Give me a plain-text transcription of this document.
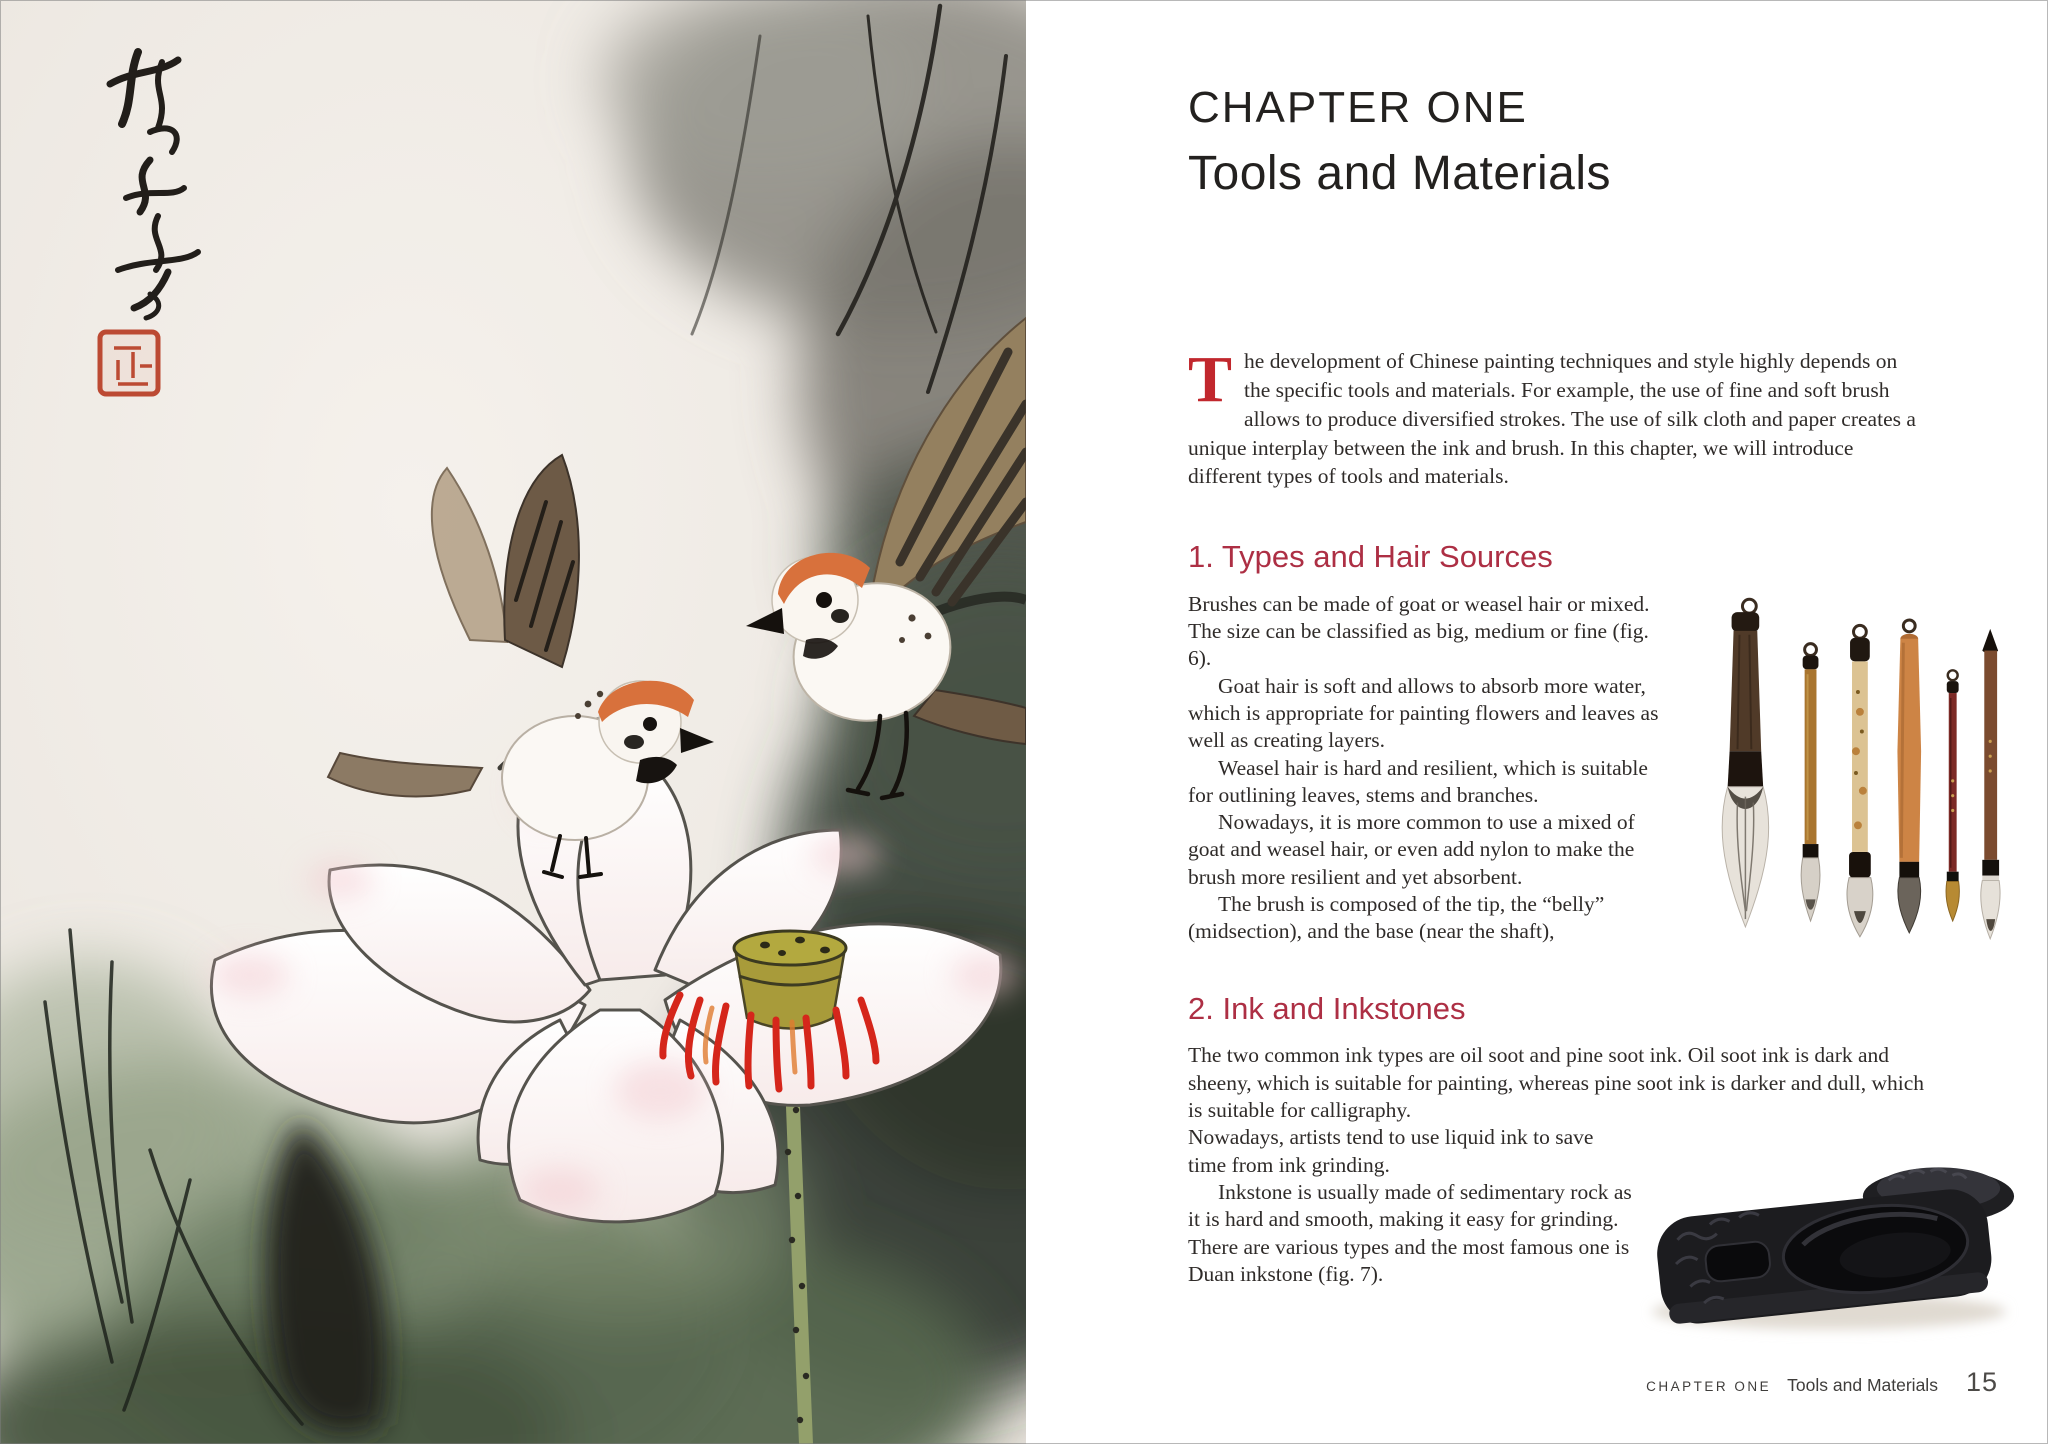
CHAPTER ONE
Tools and Materials

The development of Chinese painting techniques and style highly depends on the specific tools and materials. For example, the use of fine and soft brush allows to produce diversified strokes. The use of silk cloth and paper creates a unique interplay between the ink and brush. In this chapter, we will introduce different types of tools and materials.

1. Types and Hair Sources

Brushes can be made of goat or weasel hair or mixed. The size can be classified as big, medium or fine (fig. 6).

Goat hair is soft and allows to absorb more water, which is appropriate for painting flowers and leaves as well as creating layers.

Weasel hair is hard and resilient, which is suitable for outlining leaves, stems and branches.

Nowadays, it is more common to use a mixed of goat and weasel hair, or even add nylon to make the brush more resilient and yet absorbent.

The brush is composed of the tip, the “belly” (midsection), and the base (near the shaft),

2. Ink and Inkstones

The two common ink types are oil soot and pine soot ink. Oil soot ink is dark and sheeny, which is suitable for painting, whereas pine soot ink is darker and dull, which is suitable for calligraphy.

Nowadays, artists tend to use liquid ink to save time from ink grinding.

Inkstone is usually made of sedimentary rock as it is hard and smooth, making it easy for grinding. There are various types and the most famous one is Duan inkstone (fig. 7).

CHAPTER ONE Tools and Materials 15
